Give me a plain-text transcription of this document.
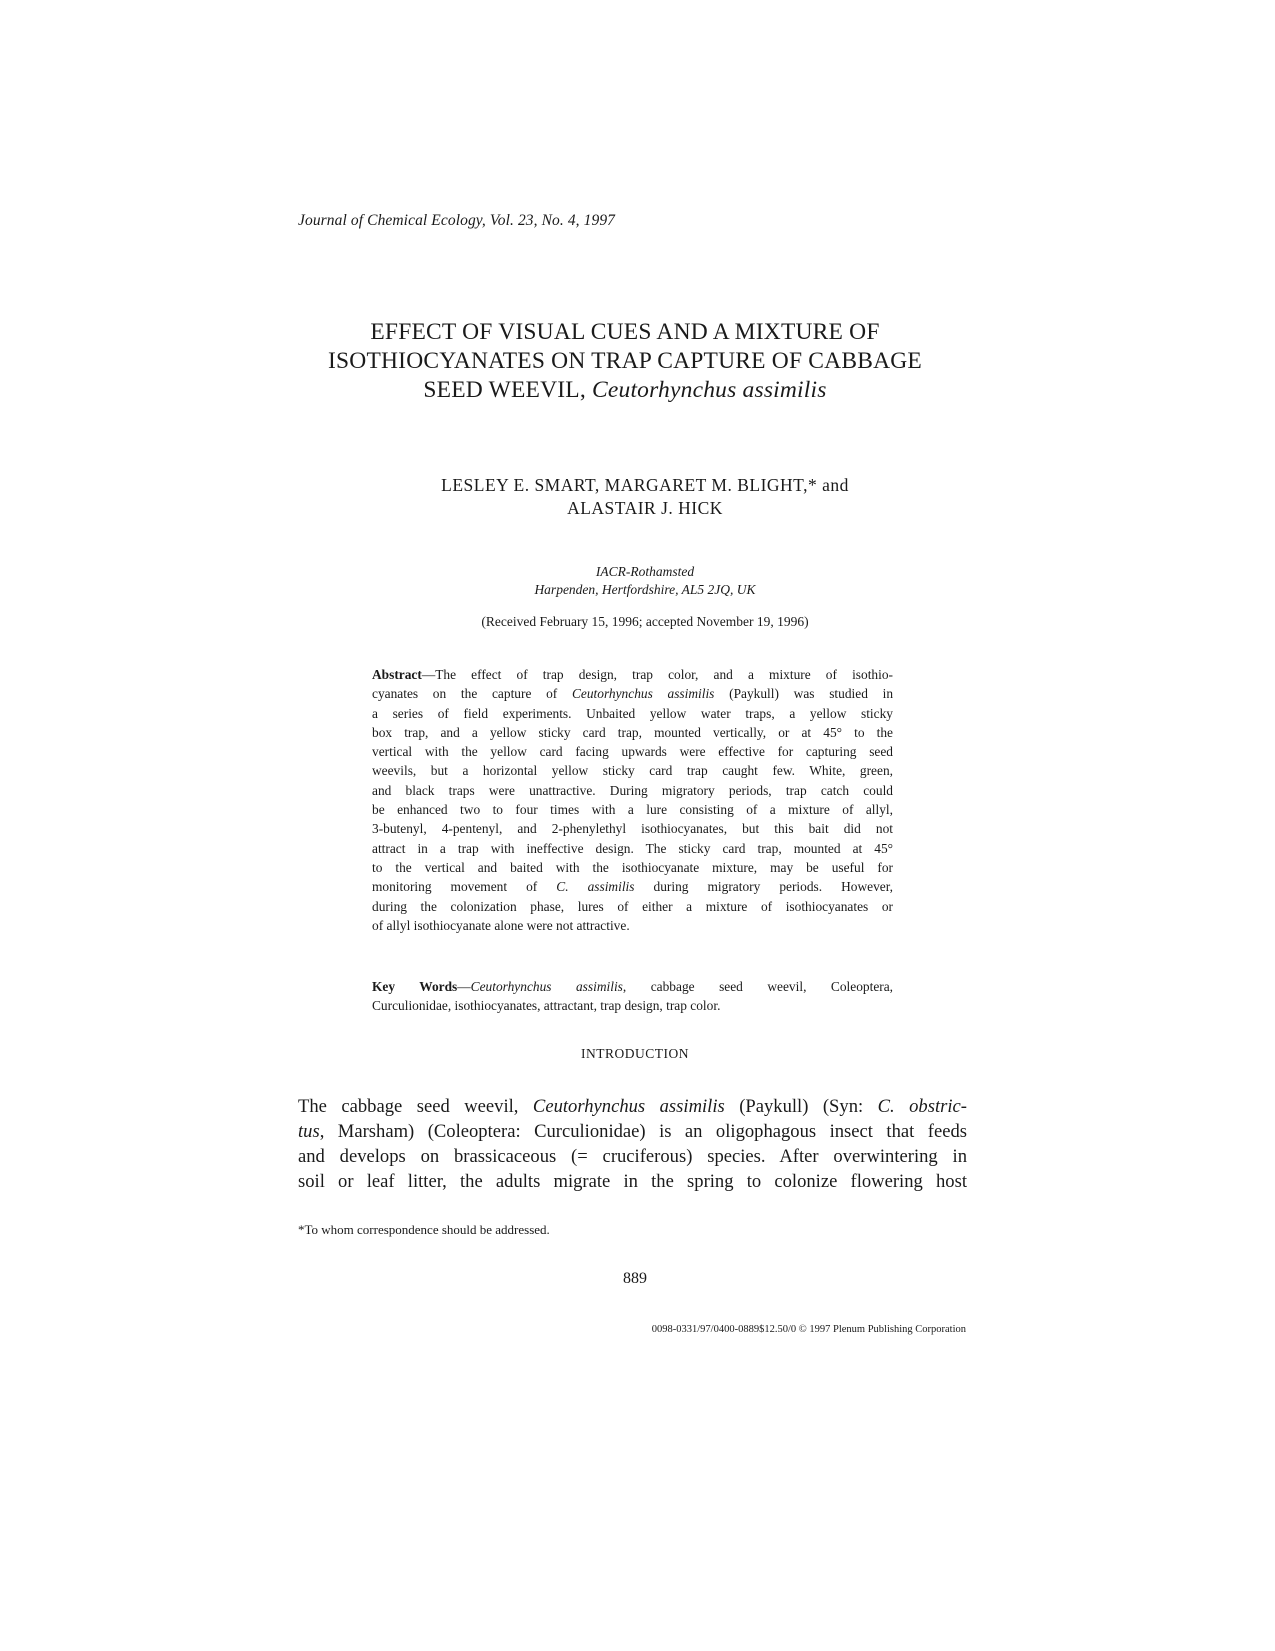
Journal of Chemical Ecology, Vol. 23, No. 4, 1997
EFFECT OF VISUAL CUES AND A MIXTURE OF
ISOTHIOCYANATES ON TRAP CAPTURE OF CABBAGE
SEED WEEVIL, Ceutorhynchus assimilis
LESLEY E. SMART, MARGARET M. BLIGHT,* and
ALASTAIR J. HICK
IACR-Rothamsted
Harpenden, Hertfordshire, AL5 2JQ, UK
(Received February 15, 1996; accepted November 19, 1996)
Abstract—The effect of trap design, trap color, and a mixture of isothio-
cyanates on the capture of Ceutorhynchus assimilis (Paykull) was studied in
a series of field experiments. Unbaited yellow water traps, a yellow sticky
box trap, and a yellow sticky card trap, mounted vertically, or at 45° to the
vertical with the yellow card facing upwards were effective for capturing seed
weevils, but a horizontal yellow sticky card trap caught few. White, green,
and black traps were unattractive. During migratory periods, trap catch could
be enhanced two to four times with a lure consisting of a mixture of allyl,
3-butenyl, 4-pentenyl, and 2-phenylethyl isothiocyanates, but this bait did not
attract in a trap with ineffective design. The sticky card trap, mounted at 45°
to the vertical and baited with the isothiocyanate mixture, may be useful for
monitoring movement of C. assimilis during migratory periods. However,
during the colonization phase, lures of either a mixture of isothiocyanates or
of allyl isothiocyanate alone were not attractive.
Key Words—Ceutorhynchus assimilis, cabbage seed weevil, Coleoptera,
Curculionidae, isothiocyanates, attractant, trap design, trap color.
INTRODUCTION
The cabbage seed weevil, Ceutorhynchus assimilis (Paykull) (Syn: C. obstric-
tus, Marsham) (Coleoptera: Curculionidae) is an oligophagous insect that feeds
and develops on brassicaceous (= cruciferous) species. After overwintering in
soil or leaf litter, the adults migrate in the spring to colonize flowering host
*To whom correspondence should be addressed.
889
0098-0331/97/0400-0889$12.50/0 © 1997 Plenum Publishing Corporation
